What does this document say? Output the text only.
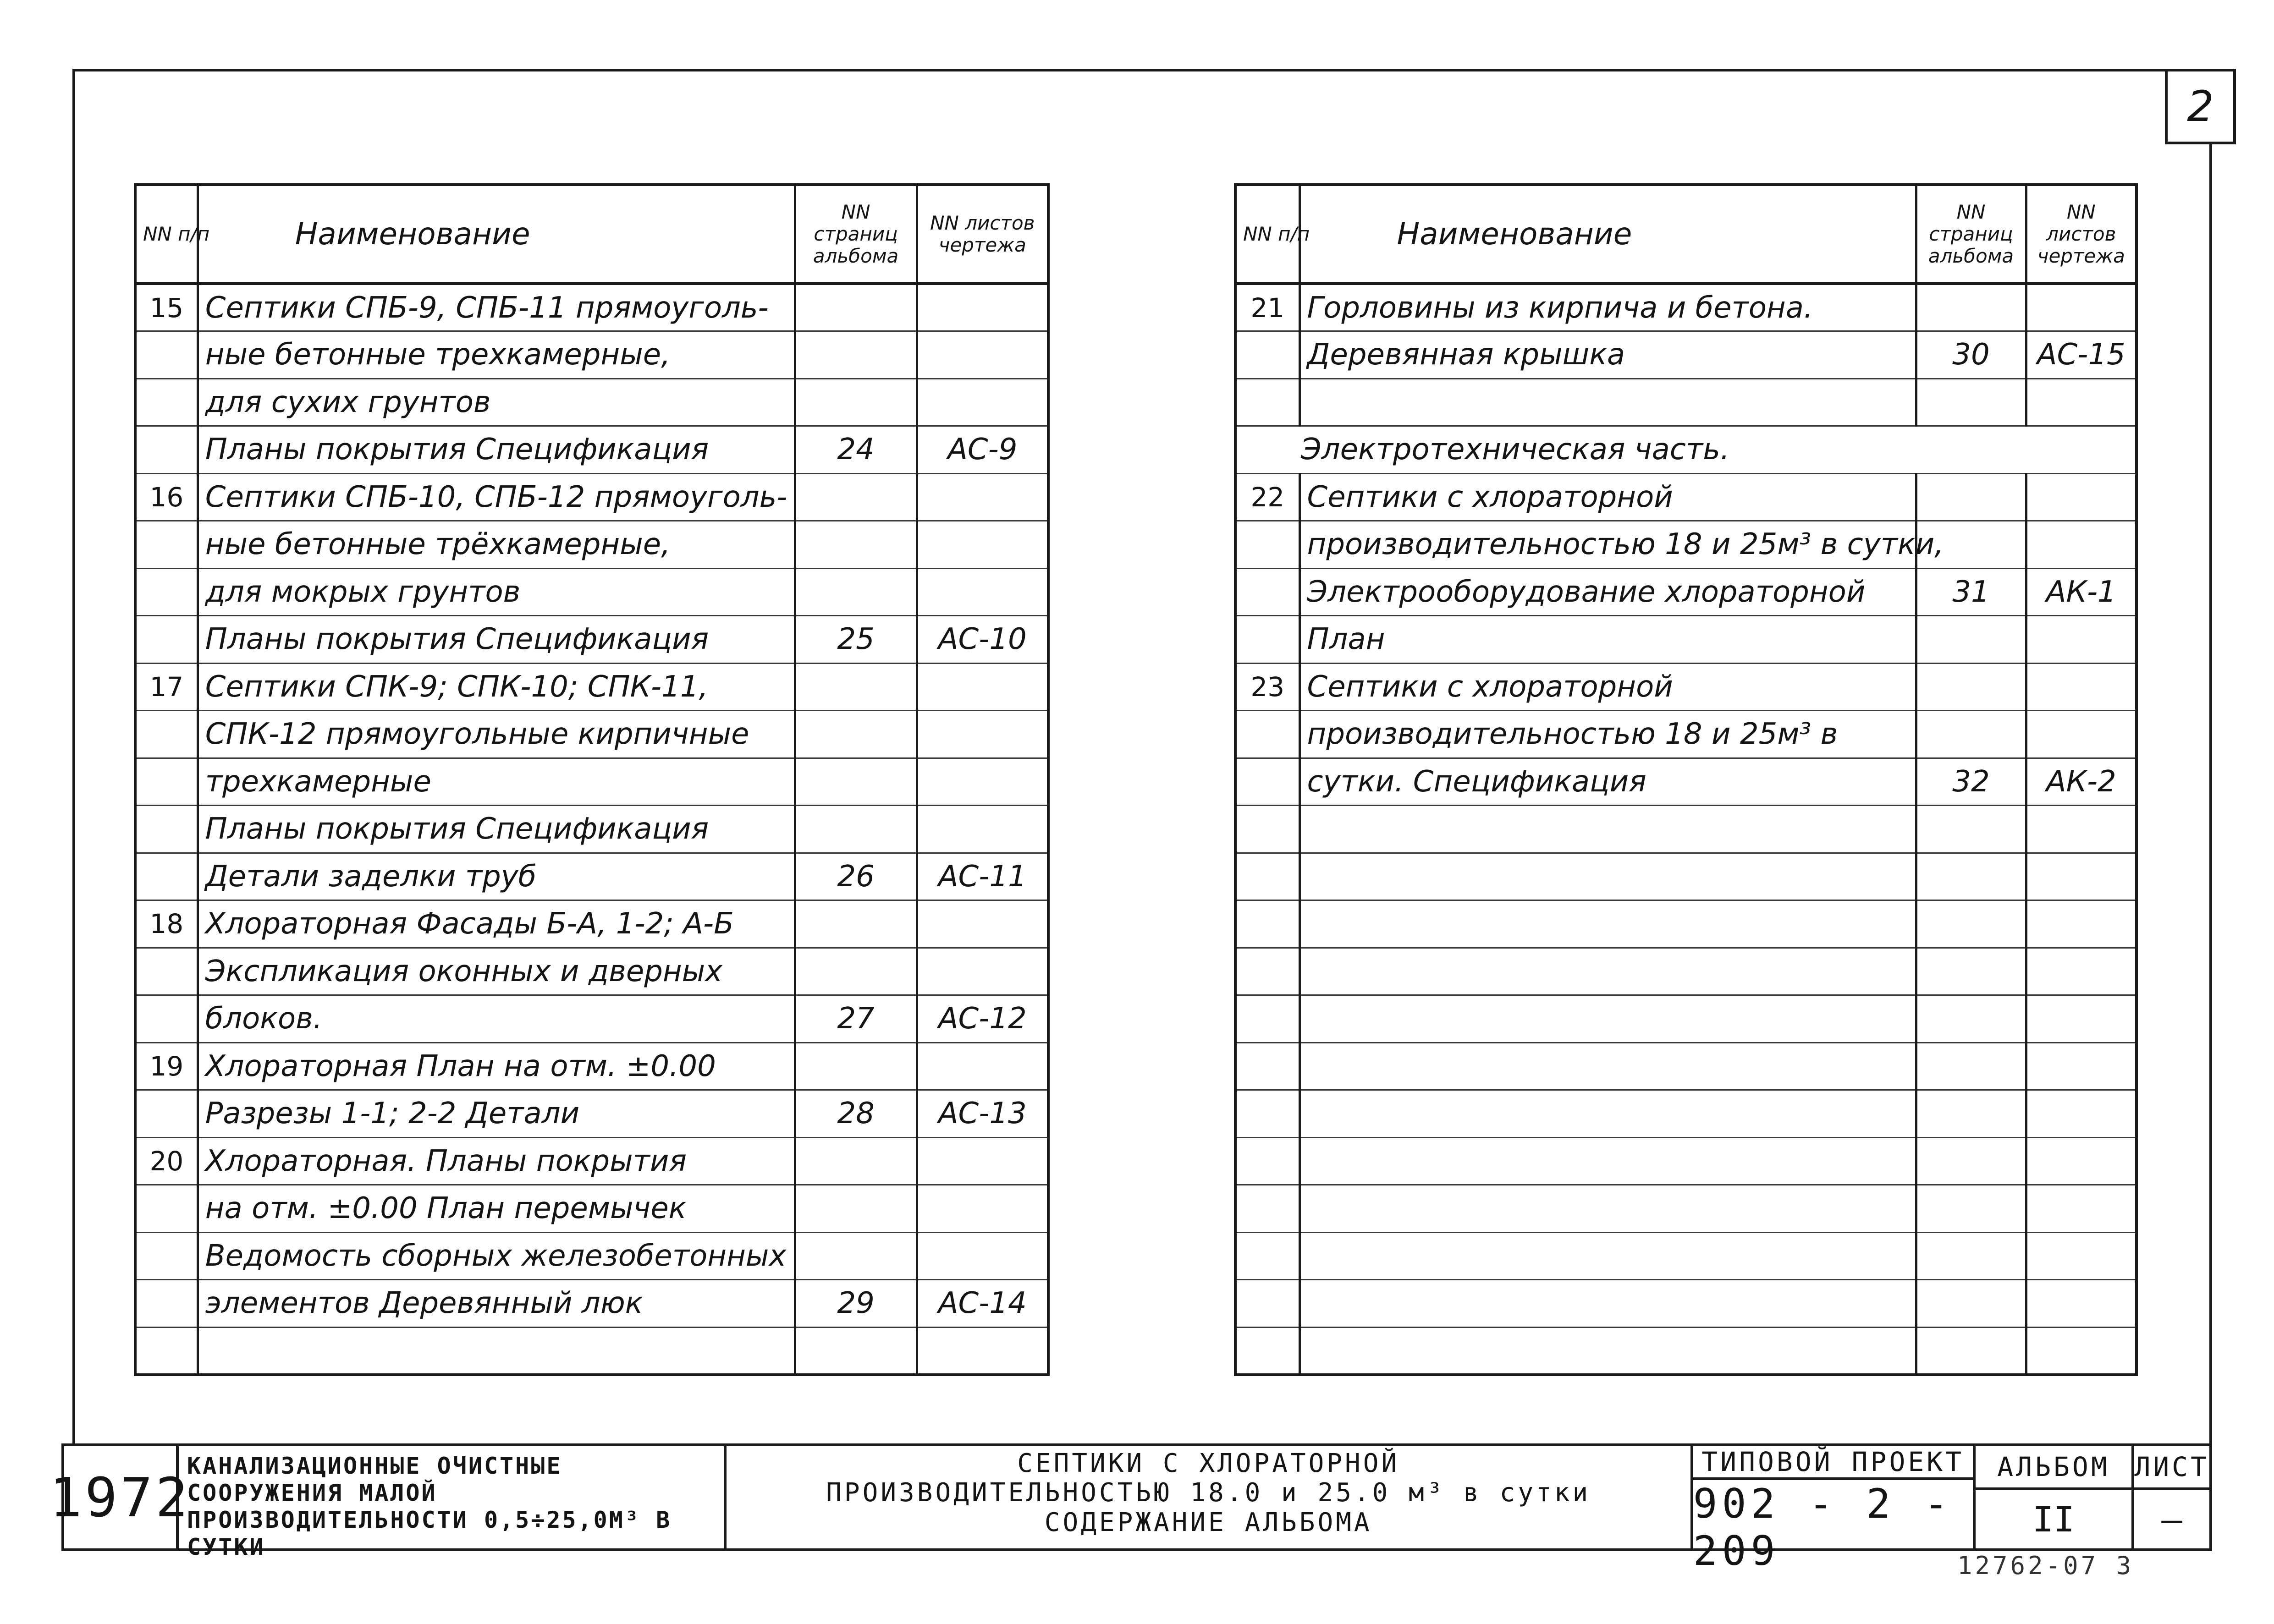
2
NN п/п	Наименование	NN страниц альбома	NN листов чертежа
15	Септики СПБ-9, СПБ-11 прямоуголь-		
	ные бетонные трехкамерные,		
	для сухих грунтов		
	Планы покрытия Спецификация	24	АС-9
16	Септики СПБ-10, СПБ-12 прямоуголь-		
	ные бетонные трёхкамерные,		
	для мокрых грунтов		
	Планы покрытия Спецификация	25	АС-10
17	Септики СПК-9; СПК-10; СПК-11,		
	СПК-12 прямоугольные кирпичные		
	трехкамерные		
	Планы покрытия Спецификация		
	Детали заделки труб	26	АС-11
18	Хлораторная Фасады Б-А, 1-2; А-Б		
	Экспликация оконных и дверных		
	блоков.	27	АС-12
19	Хлораторная План на отм. ±0.00		
	Разрезы 1-1; 2-2 Детали	28	АС-13
20	Хлораторная. Планы покрытия		
	на отм. ±0.00 План перемычек		
	Ведомость сборных железобетонных		
	элементов Деревянный люк	29	АС-14

NN п/п	Наименование	NN страниц альбома	NN листов чертежа
21	Горловины из кирпича и бетона.		
	Деревянная крышка	30	АС-15

Электротехническая часть.			
22	Септики с хлораторной		
	производительностью 18 и 25м³ в сутки,		
	Электрооборудование хлораторной	31	АК-1
	План		
23	Септики с хлораторной		
	производительностью 18 и 25м³ в		
	сутки. Спецификация	32	АК-2

1972
КАНАЛИЗАЦИОННЫЕ ОЧИСТНЫЕ
СООРУЖЕНИЯ МАЛОЙ
ПРОИЗВОДИТЕЛЬНОСТИ 0,5÷25,0М³ В СУТКИ
СЕПТИКИ С ХЛОРАТОРНОЙ
ПРОИЗВОДИТЕЛЬНОСТЬЮ 18.0 и 25.0 м³ в сутки
СОДЕРЖАНИЕ АЛЬБОМА
ТИПОВОЙ ПРОЕКТ
902 - 2 - 209
АЛЬБОМ
II
ЛИСТ
—
12762-07 3
